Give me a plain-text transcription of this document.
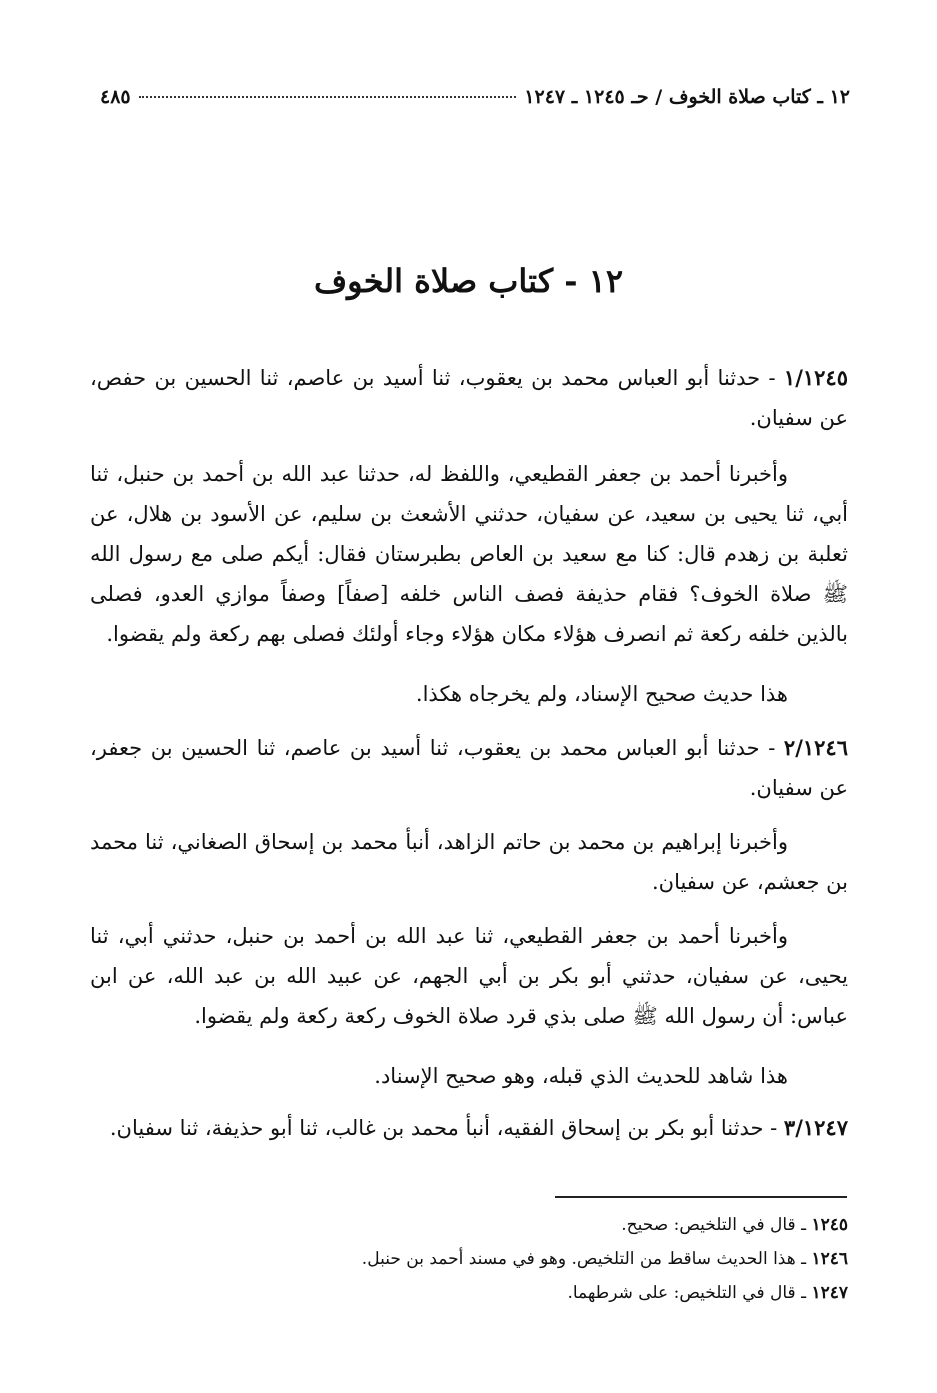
١٢ ـ كتاب صلاة الخوف / حـ ١٢٤٥ ـ ١٢٤٧
٤٨٥
١٢ - كتاب صلاة الخوف

١/١٢٤٥ - حدثنا أبو العباس محمد بن يعقوب، ثنا أسيد بن عاصم، ثنا الحسين بن حفص، عن سفيان.

وأخبرنا أحمد بن جعفر القطيعي، واللفظ له، حدثنا عبد الله بن أحمد بن حنبل، ثنا أبي، ثنا يحيى بن سعيد، عن سفيان، حدثني الأشعث بن سليم، عن الأسود بن هلال، عن ثعلبة بن زهدم قال: كنا مع سعيد بن العاص بطبرستان فقال: أيكم صلى مع رسول الله ﷺ صلاة الخوف؟ فقام حذيفة فصف الناس خلفه [صفاً] وصفاً موازي العدو، فصلى بالذين خلفه ركعة ثم انصرف هؤلاء مكان هؤلاء وجاء أولئك فصلى بهم ركعة ولم يقضوا.

هذا حديث صحيح الإسناد، ولم يخرجاه هكذا.

٢/١٢٤٦ - حدثنا أبو العباس محمد بن يعقوب، ثنا أسيد بن عاصم، ثنا الحسين بن جعفر، عن سفيان.

وأخبرنا إبراهيم بن محمد بن حاتم الزاهد، أنبأ محمد بن إسحاق الصغاني، ثنا محمد بن جعشم، عن سفيان.

وأخبرنا أحمد بن جعفر القطيعي، ثنا عبد الله بن أحمد بن حنبل، حدثني أبي، ثنا يحيى، عن سفيان، حدثني أبو بكر بن أبي الجهم، عن عبيد الله بن عبد الله، عن ابن عباس: أن رسول الله ﷺ صلى بذي قرد صلاة الخوف ركعة ركعة ولم يقضوا.

هذا شاهد للحديث الذي قبله، وهو صحيح الإسناد.

٣/١٢٤٧ - حدثنا أبو بكر بن إسحاق الفقيه، أنبأ محمد بن غالب، ثنا أبو حذيفة، ثنا سفيان.

١٢٤٥ ـ قال في التلخيص: صحيح.

١٢٤٦ ـ هذا الحديث ساقط من التلخيص. وهو في مسند أحمد بن حنبل.

١٢٤٧ ـ قال في التلخيص: على شرطهما.
